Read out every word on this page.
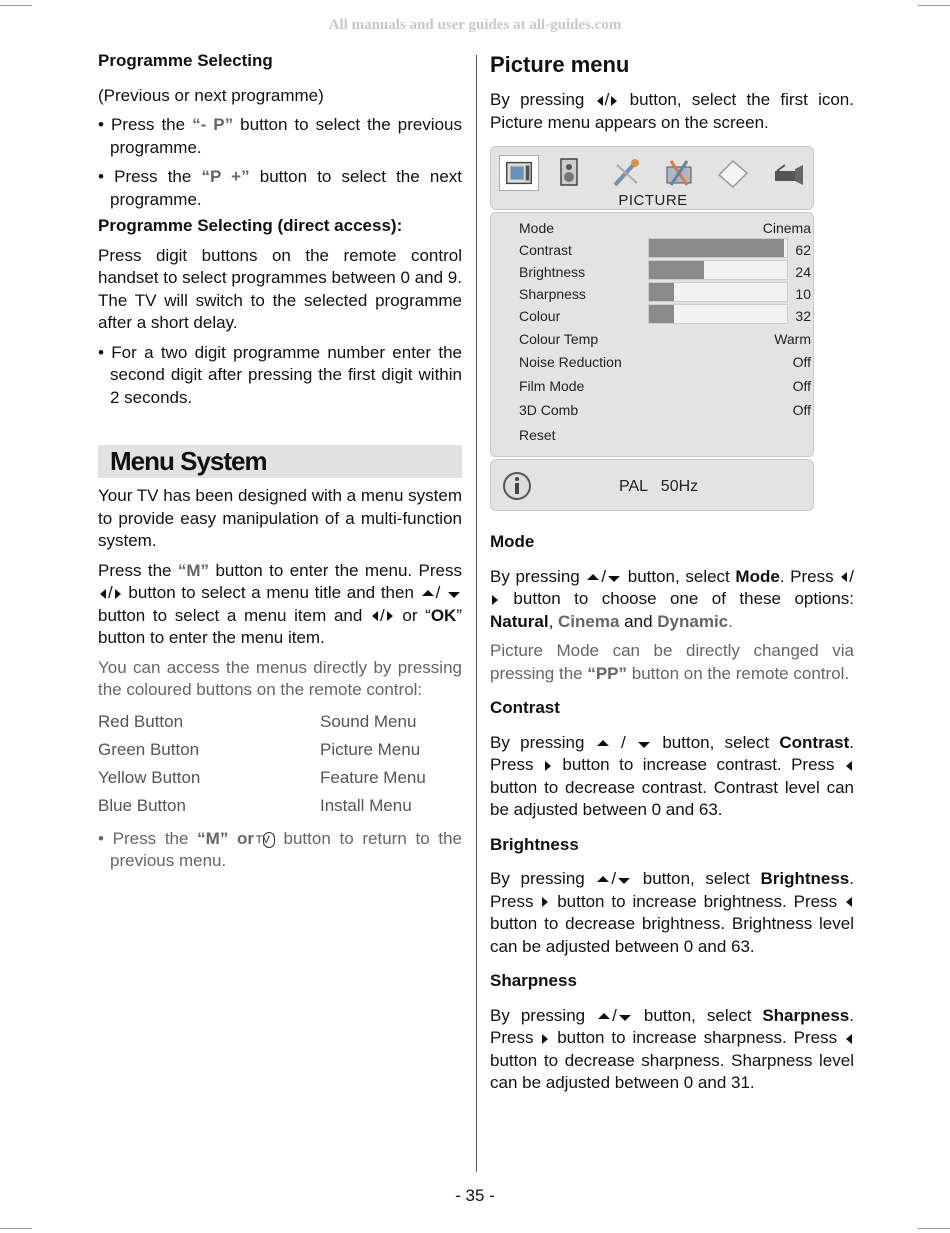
All manuals and user guides at all-guides.com
Programme Selecting
(Previous or next programme)
• Press the “- P” button to select the previous programme.
• Press the “P +” button to select the next programme.
Programme Selecting (direct access):
Press digit buttons on the remote control handset to select programmes between 0 and 9. The TV will switch to the selected programme after a short delay.
• For a two digit programme number enter the second digit after pressing the first digit within 2 seconds.
Menu System
Your TV has been designed with a menu system to provide easy manipulation of a multi-function system.
Press the “M” button to enter the menu. Press / button to select a menu title and then /  button to select a menu item and / or “OK” button to enter the menu item.
You can access the menus directly by pressing the coloured buttons on the remote control:
Red Button	Sound Menu
Green Button	Picture Menu
Yellow Button	Feature Menu
Blue Button	Install Menu
• Press the “M” or TV button to return to the previous menu.
Picture menu
By pressing / button, select the first icon. Picture menu appears on the screen.
PICTURE
Mode	Cinema
Contrast	62
Brightness	24
Sharpness	10
Colour	32
Colour Temp	Warm
Noise Reduction	Off
Film Mode	Off
3D Comb	Off
Reset
PAL   50Hz
Mode
By pressing / button, select Mode. Press / button to choose one of these options: Natural, Cinema and Dynamic.
Picture Mode can be directly changed via pressing the “PP” button on the remote control.
Contrast
By pressing  /  button, select Contrast. Press  button to increase contrast. Press  button to decrease contrast. Contrast level can be adjusted between 0 and 63.
Brightness
By pressing / button, select Brightness. Press  button to increase brightness. Press  button to decrease brightness. Brightness level can be adjusted between 0 and 63.
Sharpness
By pressing / button, select Sharpness. Press  button to increase sharpness. Press  button to decrease sharpness. Sharpness level can be adjusted between 0 and 31.
- 35 -
